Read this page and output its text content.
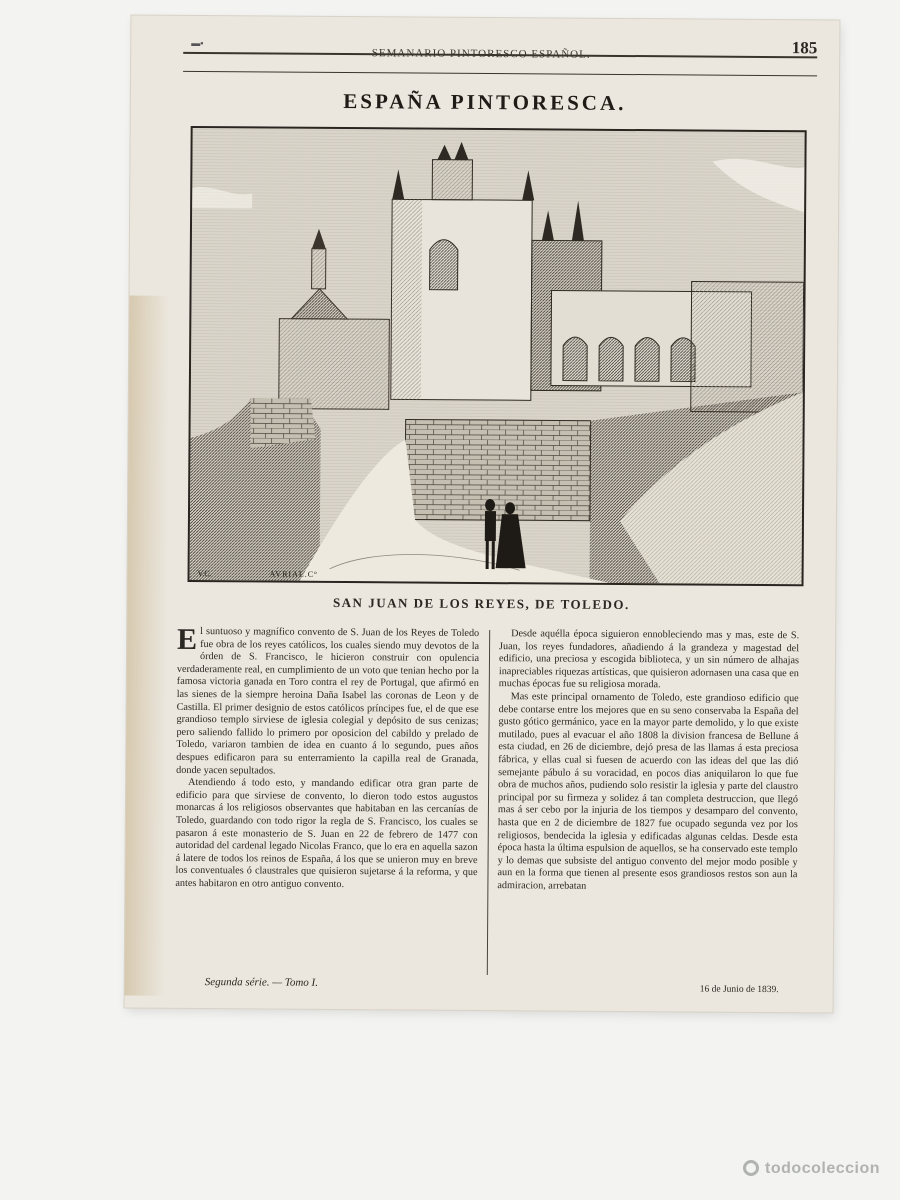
▬▪
SEMANARIO PINTORESCO ESPAÑOL.	185
ESPAÑA PINTORESCA.
V.C.	AVRIAL.Cº
SAN JUAN DE LOS REYES, DE TOLEDO.

El suntuoso y magnífico convento de S. Juan de los Reyes de Toledo fue obra de los reyes católicos, los cuales siendo muy devotos de la órden de S. Francisco, le hicieron construir con opulencia verdaderamente real, en cumplimiento de un voto que tenian hecho por la famosa victoria ganada en Toro contra el rey de Portugal, que afirmó en las sienes de la siempre heroina Daña Isabel las coronas de Leon y de Castilla. El primer designio de estos católicos príncipes fue, el de que ese grandioso templo sirviese de iglesia colegial y depósito de sus cenizas; pero saliendo fallido lo primero por oposicion del cabildo y prelado de Toledo, variaron tambien de idea en cuanto á lo segundo, pues años despues edificaron para su enterramiento la capilla real de Granada, donde yacen sepultados.

Atendiendo á todo esto, y mandando edificar otra gran parte de edificio para que sirviese de convento, lo dieron todo estos augustos monarcas á los religiosos observantes que habitaban en las cercanías de Toledo, guardando con todo rigor la regla de S. Francisco, los cuales se pasaron á este monasterio de S. Juan en 22 de febrero de 1477 con autoridad del cardenal legado Nicolas Franco, que lo era en aquella sazon á latere de todos los reinos de España, á los que se unieron muy en breve los conventuales ó claustrales que quisieron sujetarse á la reforma, y que antes habitaron en otro antiguo convento.

Desde aquélla época siguieron ennobleciendo mas y mas, este de S. Juan, los reyes fundadores, añadiendo á la grandeza y magestad del edificio, una preciosa y escogida biblioteca, y un sin número de alhajas inapreciables riquezas artísticas, que quisieron adornasen una casa que en muchas épocas fue su religiosa morada.

Mas este principal ornamento de Toledo, este grandioso edificio que debe contarse entre los mejores que en su seno conservaba la España del gusto gótico germánico, yace en la mayor parte demolido, y lo que existe mutilado, pues al evacuar el año 1808 la division francesa de Bellune á esta ciudad, en 26 de diciembre, dejó presa de las llamas á esta preciosa fábrica, y ellas cual si fuesen de acuerdo con las ideas del que las dió semejante pábulo á su voracidad, en pocos dias aniquilaron lo que fue obra de muchos años, pudiendo solo resistir la iglesia y parte del claustro principal por su firmeza y solidez á tan completa destruccion, que llegó mas á ser cebo por la injuria de los tiempos y desamparo del convento, hasta que en 2 de diciembre de 1827 fue ocupado segunda vez por los religiosos, bendecida la iglesia y edificadas algunas celdas. Desde esta época hasta la última espulsion de aquellos, se ha conservado este templo y lo demas que subsiste del antiguo convento del mejor modo posible y aun en la forma que tienen al presente esos grandiosos restos son aun la admiracion, arrebatan

Segunda série. — Tomo I.
16 de Junio de 1839.
todocoleccion
